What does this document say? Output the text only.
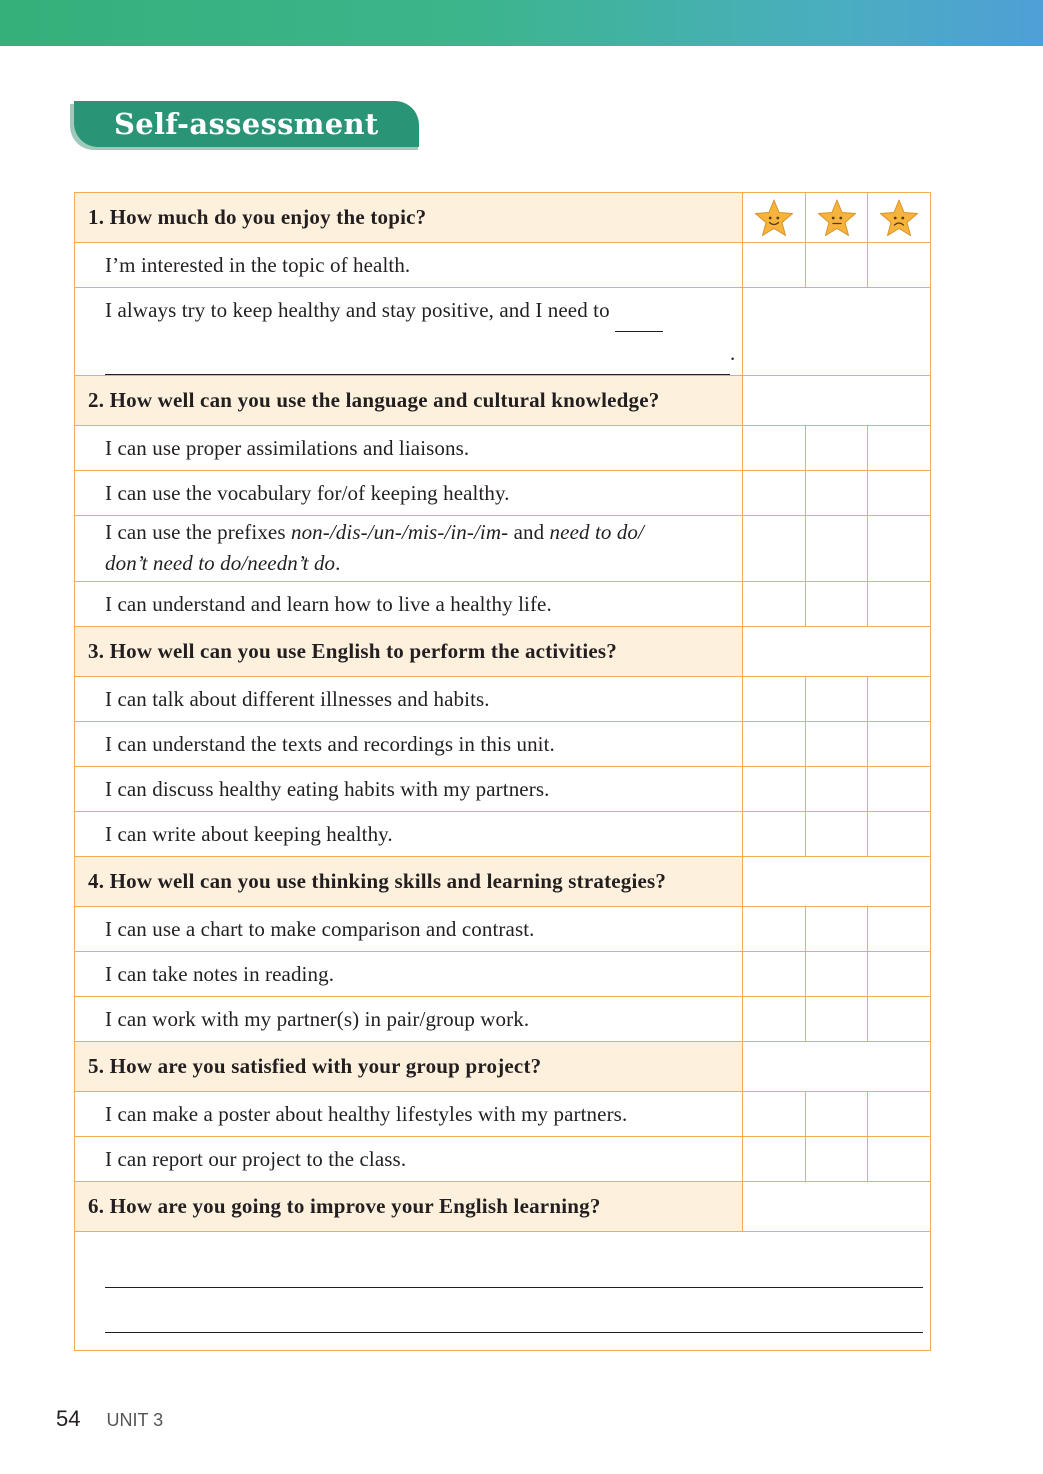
Self-assessment
1. How much do you enjoy the topic?	

I’m interested in the topic of health.			
I always try to keep healthy and stay positive, and I need to
.			
2. How well can you use the language and cultural knowledge?			
I can use proper assimilations and liaisons.			
I can use the vocabulary for/of keeping healthy.			
I can use the prefixes non-/dis-/un-/mis-/in-/im- and need to do/
don’t need to do/needn’t do.			
I can understand and learn how to live a healthy life.			
3. How well can you use English to perform the activities?			
I can talk about different illnesses and habits.			
I can understand the texts and recordings in this unit.			
I can discuss healthy eating habits with my partners.			
I can write about keeping healthy.			
4. How well can you use thinking skills and learning strategies?			
I can use a chart to make comparison and contrast.			
I can take notes in reading.			
I can work with my partner(s) in pair/group work.			
5. How are you satisfied with your group project?			
I can make a poster about healthy lifestyles with my partners.			
I can report our project to the class.			
6. How are you going to improve your English learning?			

54 UNIT 3
